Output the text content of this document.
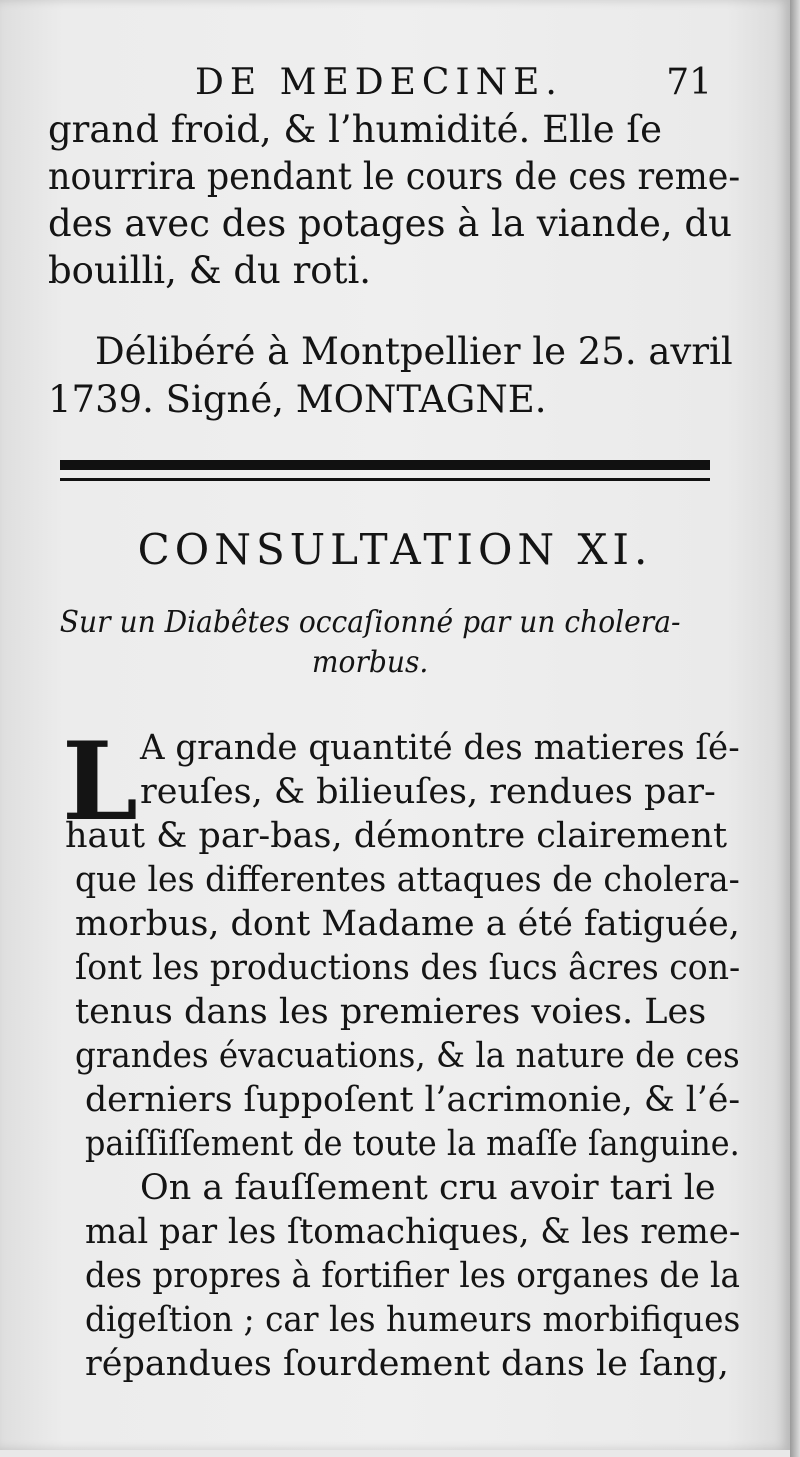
DE MEDECINE.	71
grand froid, & l’humidité. Elle ſe
nourrira pendant le cours de ces reme-
des avec des potages à la viande, du
bouilli, & du roti.
Délibéré à Montpellier le 25. avril
1739. Signé, MONTAGNE.
CONSULTATION XI.
Sur un Diabêtes occaſionné par un cholera-
morbus.
L A grande quantité des matieres ſé-
reuſes, & bilieuſes, rendues par-
haut & par-bas, démontre clairement
que les differentes attaques de cholera-
morbus, dont Madame a été fatiguée,
ſont les productions des ſucs âcres con-
tenus dans les premieres voies. Les
grandes évacuations, & la nature de ces
derniers ſuppoſent l’acrimonie, & l’é-
paiſſiſſement de toute la maſſe ſanguine.
On a fauſſement cru avoir tari le
mal par les ſtomachiques, & les reme-
des propres à fortifier les organes de la
digeſtion ; car les humeurs morbifiques
répandues ſourdement dans le ſang,
